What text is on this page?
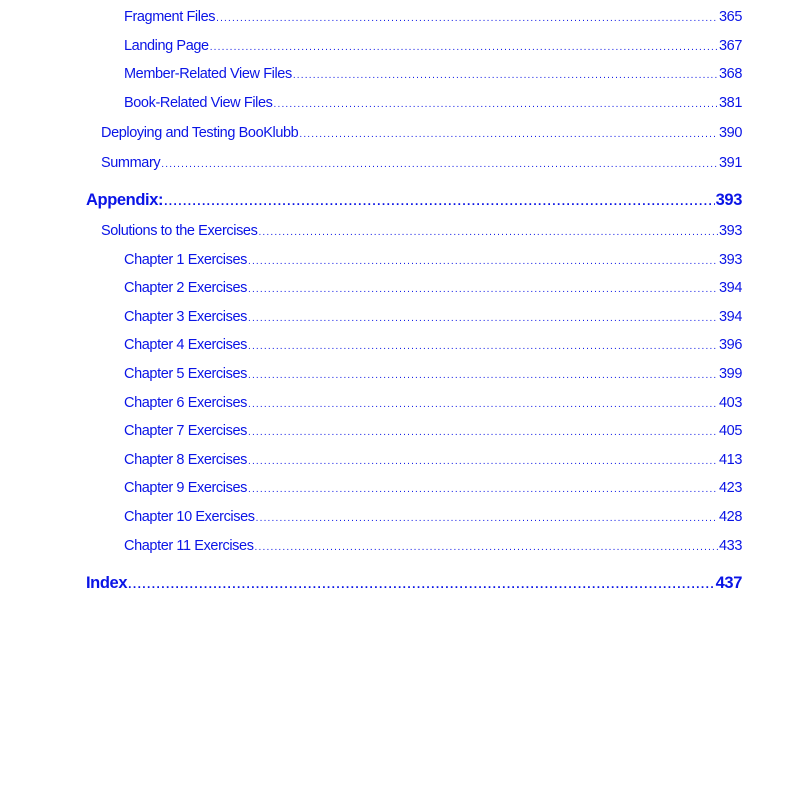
Fragment Files .....	365
Landing Page .....	367
Member-Related View Files .....	368
Book-Related View Files .....	381
Deploying and Testing BooKlubb .....	390
Summary .....	391
Appendix: .....	393
Solutions to the Exercises .....	393
Chapter 1 Exercises .....	393
Chapter 2 Exercises .....	394
Chapter 3 Exercises .....	394
Chapter 4 Exercises .....	396
Chapter 5 Exercises .....	399
Chapter 6 Exercises .....	403
Chapter 7 Exercises .....	405
Chapter 8 Exercises .....	413
Chapter 9 Exercises .....	423
Chapter 10 Exercises .....	428
Chapter 11 Exercises .....	433
Index .....	437
